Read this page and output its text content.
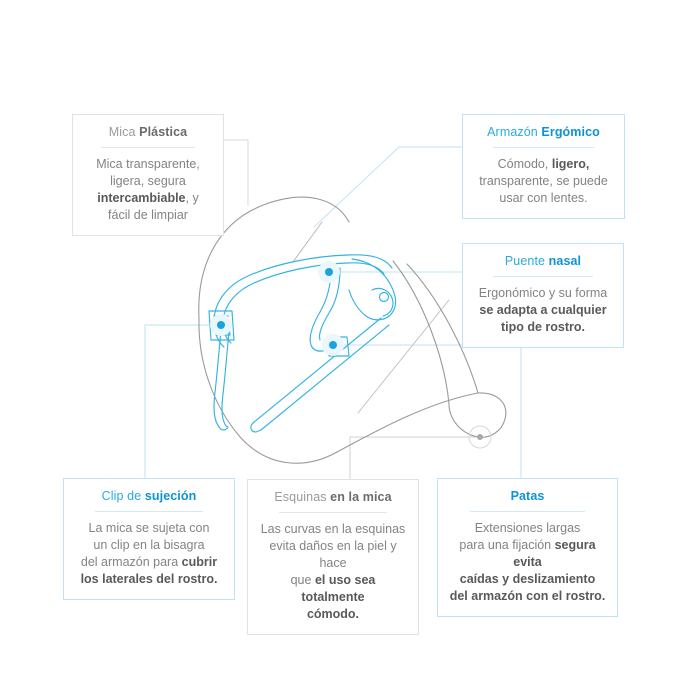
Mica Plástica
Mica transparente,
ligera, segura
intercambiable, y
fácil de limpiar
Armazón Ergómico
Cómodo, ligero,
transparente, se puede
usar con lentes.
Puente nasal
Ergonómico y su forma
se adapta a cualquier
tipo de rostro.
Clip de sujeción
La mica se sujeta con
un clip en la bisagra
del armazón para cubrir
los laterales del rostro.
Esquinas en la mica
Las curvas en la esquinas
evita daños en la piel y hace
que el uso sea totalmente
cómodo.
Patas
Extensiones largas
para una fijación segura evita
caídas y deslizamiento
del armazón con el rostro.
